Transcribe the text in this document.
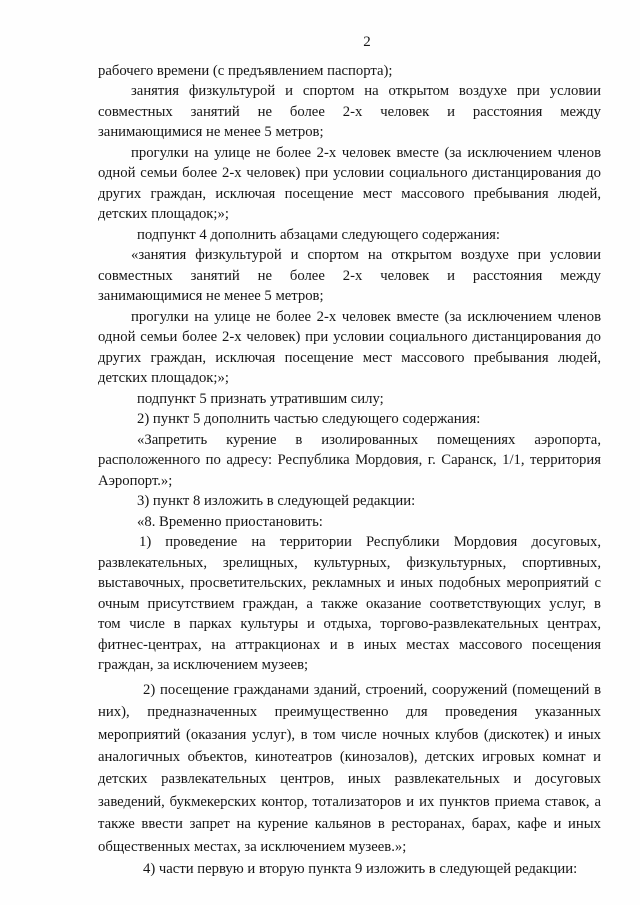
2
рабочего времени (с предъявлением паспорта);
занятия физкультурой и спортом на открытом воздухе при условии
совместных занятий не более 2-х человек и расстояния между
занимающимися не менее 5 метров;
прогулки на улице не более 2-х человек вместе (за исключением членов
одной семьи более 2-х человек) при условии социального дистанцирования до
других граждан, исключая посещение мест массового пребывания людей,
детских площадок;»;
подпункт 4 дополнить абзацами следующего содержания:
«занятия физкультурой и спортом на открытом воздухе при условии
совместных занятий не более 2-х человек и расстояния между
занимающимися не менее 5 метров;
прогулки на улице не более 2-х человек вместе (за исключением членов
одной семьи более 2-х человек) при условии социального дистанцирования до
других граждан, исключая посещение мест массового пребывания людей,
детских площадок;»;
подпункт 5 признать утратившим силу;
2) пункт 5 дополнить частью следующего содержания:
«Запретить курение в изолированных помещениях аэропорта,
расположенного по адресу: Республика Мордовия, г. Саранск, 1/1, территория
Аэропорт.»;
3) пункт 8 изложить в следующей редакции:
«8. Временно приостановить:
1) проведение на территории Республики Мордовия досуговых,
развлекательных, зрелищных, культурных, физкультурных, спортивных,
выставочных, просветительских, рекламных и иных подобных мероприятий с
очным присутствием граждан, а также оказание соответствующих услуг, в
том числе в парках культуры и отдыха, торгово-развлекательных центрах,
фитнес-центрах, на аттракционах и в иных местах массового посещения
граждан, за исключением музеев;
2) посещение гражданами зданий, строений, сооружений (помещений в
них), предназначенных преимущественно для проведения указанных
мероприятий (оказания услуг), в том числе ночных клубов (дискотек) и иных
аналогичных объектов, кинотеатров (кинозалов), детских игровых комнат и
детских развлекательных центров, иных развлекательных и досуговых
заведений, букмекерских контор, тотализаторов и их пунктов приема ставок, а
также ввести запрет на курение кальянов в ресторанах, барах, кафе и иных
общественных местах, за исключением музеев.»;
4) части первую и вторую пункта 9 изложить в следующей редакции:
